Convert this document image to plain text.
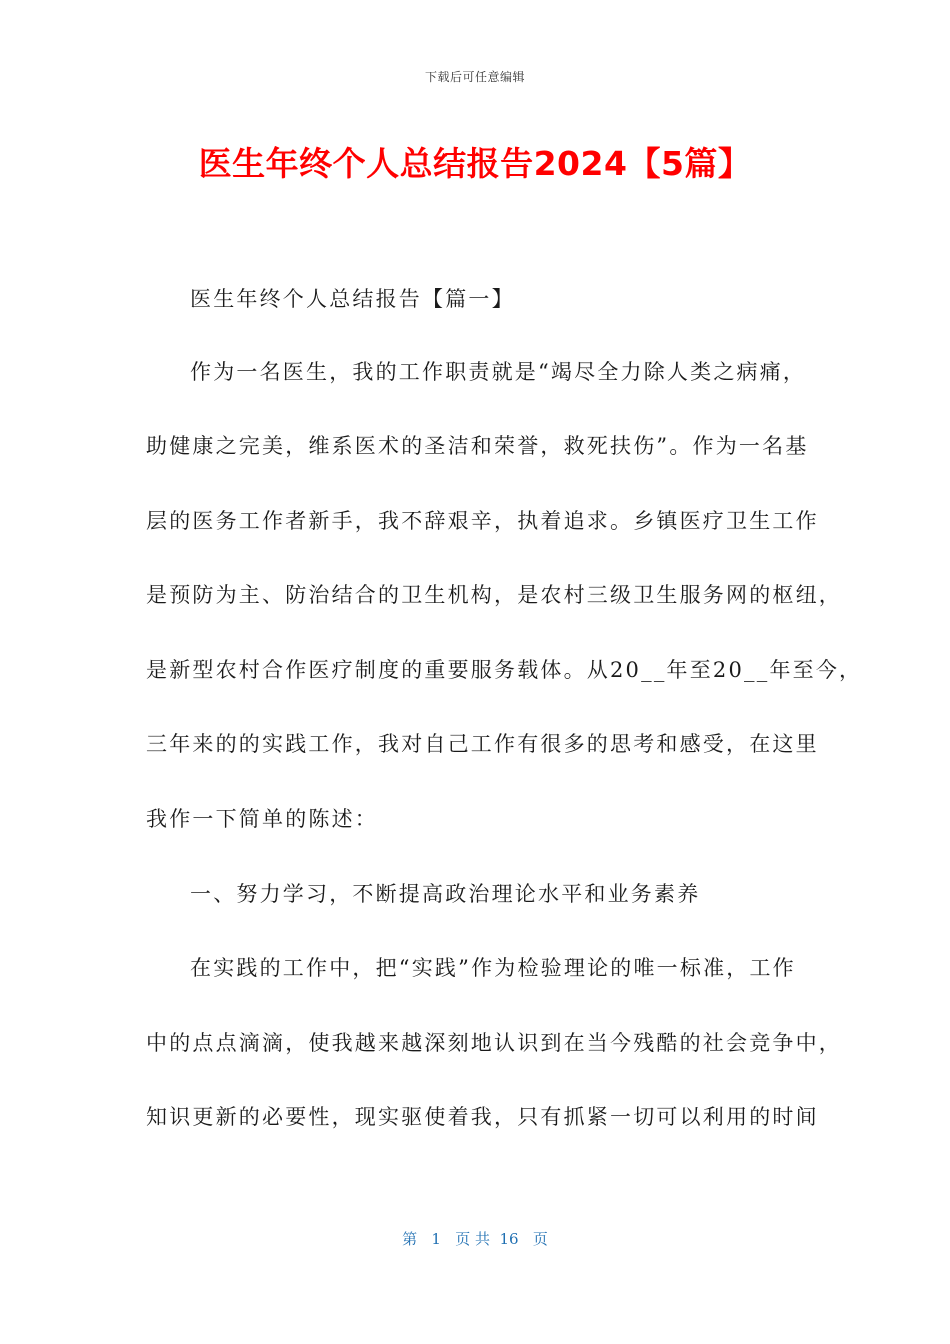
下载后可任意编辑
医生年终个人总结报告2024【5篇】
医生年终个人总结报告【篇一】
作为一名医生，我的工作职责就是“竭尽全力除人类之病痛，
助健康之完美，维系医术的圣洁和荣誉，救死扶伤”。作为一名基
层的医务工作者新手，我不辞艰辛，执着追求。乡镇医疗卫生工作
是预防为主、防治结合的卫生机构，是农村三级卫生服务网的枢纽，
是新型农村合作医疗制度的重要服务载体。从20__年至20__年至今，
三年来的的实践工作，我对自己工作有很多的思考和感受，在这里
我作一下简单的陈述：
一、努力学习，不断提高政治理论水平和业务素养
在实践的工作中，把“实践”作为检验理论的唯一标准，工作
中的点点滴滴，使我越来越深刻地认识到在当今残酷的社会竞争中，
知识更新的必要性，现实驱使着我，只有抓紧一切可以利用的时间
第   1   页 共  16   页
